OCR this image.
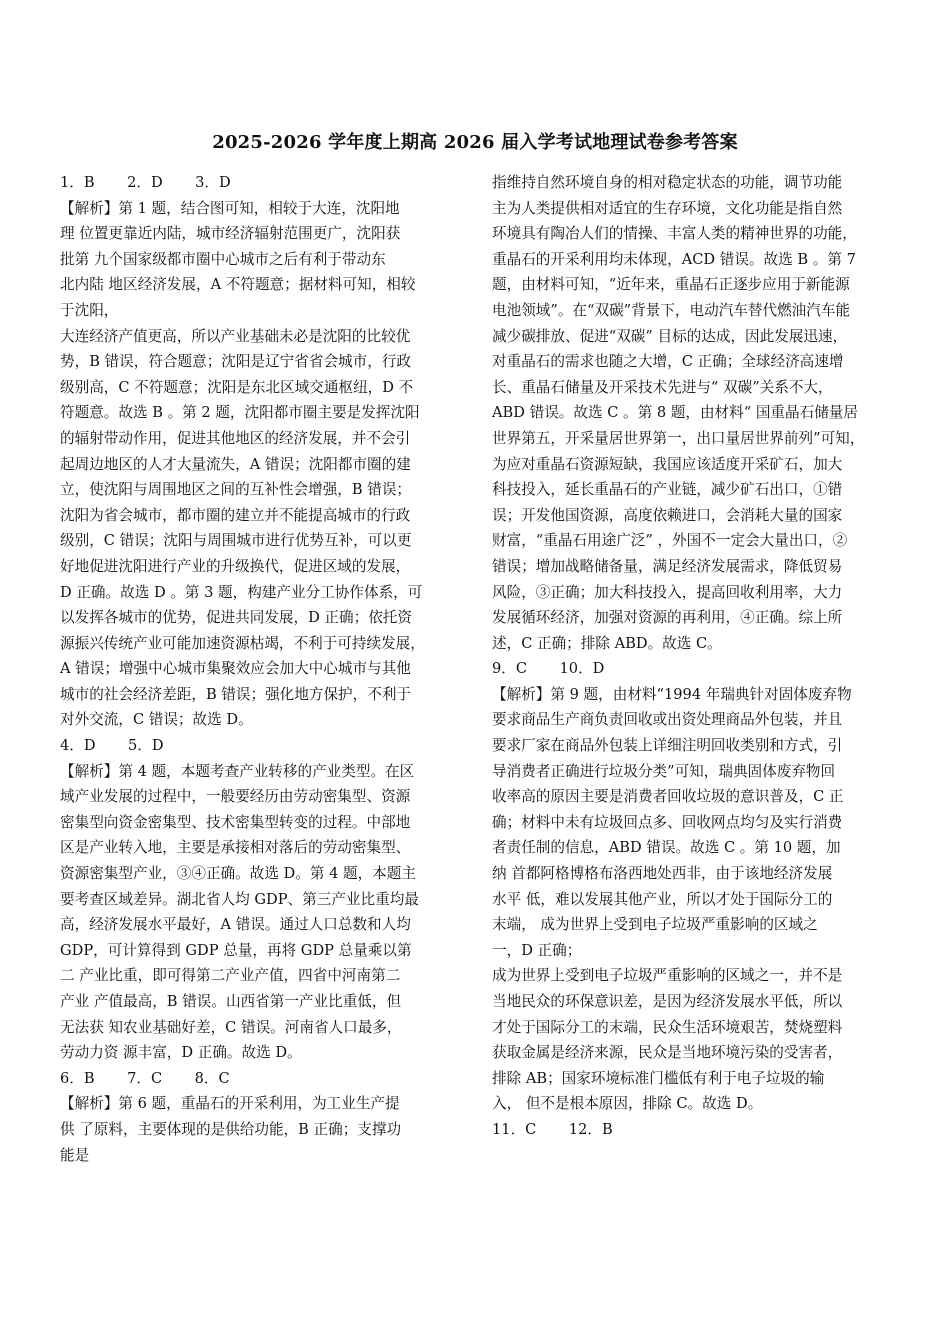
2025-2026 学年度上期高 2026 届入学考试地理试卷参考答案
1．B       2．D       3．D
【解析】第 1 题，结合图可知，相较于大连，沈阳地
理 位置更靠近内陆，城市经济辐射范围更广，沈阳获
批第 九个国家级都市圈中心城市之后有利于带动东
北内陆 地区经济发展，A 不符题意；据材料可知，相较
于沈阳，
大连经济产值更高，所以产业基础未必是沈阳的比较优
势，B 错误，符合题意；沈阳是辽宁省省会城市，行政
级别高，C 不符题意；沈阳是东北区域交通枢纽，D 不
符题意。故选 B 。第 2 题，沈阳都市圈主要是发挥沈阳
的辐射带动作用，促进其他地区的经济发展，并不会引
起周边地区的人才大量流失，A 错误；沈阳都市圈的建
立，使沈阳与周围地区之间的互补性会增强，B 错误；
沈阳为省会城市，都市圈的建立并不能提高城市的行政
级别，C 错误；沈阳与周围城市进行优势互补，可以更
好地促进沈阳进行产业的升级换代，促进区域的发展，
D 正确。故选 D 。第 3 题，构建产业分工协作体系，可
以发挥各城市的优势，促进共同发展，D 正确；依托资
源振兴传统产业可能加速资源枯竭，不利于可持续发展，
A 错误；增强中心城市集聚效应会加大中心城市与其他
城市的社会经济差距，B 错误；强化地方保护，不利于
对外交流，C 错误；故选 D。
4．D       5．D
【解析】第 4 题，本题考查产业转移的产业类型。在区
域产业发展的过程中，一般要经历由劳动密集型、资源
密集型向资金密集型、技术密集型转变的过程。中部地
区是产业转入地，主要是承接相对落后的劳动密集型、
资源密集型产业，③④正确。故选 D。第 4 题，本题主
要考查区域差异。湖北省人均 GDP、第三产业比重均最
高，经济发展水平最好，A 错误。通过人口总数和人均
GDP，可计算得到 GDP 总量，再将 GDP 总量乘以第
二 产业比重，即可得第二产业产值，四省中河南第二
产业 产值最高，B 错误。山西省第一产业比重低，但
无法获 知农业基础好差，C 错误。河南省人口最多，
劳动力资 源丰富，D 正确。故选 D。
6．B       7．C       8．C
【解析】第 6 题，重晶石的开采利用，为工业生产提
供 了原料，主要体现的是供给功能，B 正确；支撑功
能是
指维持自然环境自身的相对稳定状态的功能，调节功能
主为人类提供相对适宜的生存环境，文化功能是指自然
环境具有陶冶人们的情操、丰富人类的精神世界的功能，
重晶石的开采利用均未体现，ACD 错误。故选 B 。第 7
题，由材料可知，“近年来，重晶石正逐步应用于新能源
电池领域”。在“双碳”背景下，电动汽车替代燃油汽车能
减少碳排放、促进“双碳” 目标的达成，因此发展迅速，
对重晶石的需求也随之大增，C 正确；全球经济高速增
长、重晶石储量及开采技术先进与“ 双碳”关系不大，
ABD 错误。故选 C 。第 8 题，由材料“ 国重晶石储量居
世界第五，开采量居世界第一，出口量居世界前列”可知，
为应对重晶石资源短缺，我国应该适度开采矿石，加大
科技投入，延长重晶石的产业链，减少矿石出口，①错
误；开发他国资源，高度依赖进口，会消耗大量的国家
财富，“重晶石用途广泛” ，外国不一定会大量出口，②
错误；增加战略储备量，满足经济发展需求，降低贸易
风险，③正确；加大科技投入，提高回收利用率，大力
发展循环经济，加强对资源的再利用，④正确。综上所
述，C 正确；排除 ABD。故选 C。
9．C       10．D
【解析】第 9 题，由材料“1994 年瑞典针对固体废弃物
要求商品生产商负责回收或出资处理商品外包装，并且
要求厂家在商品外包装上详细注明回收类别和方式，引
导消费者正确进行垃圾分类”可知，瑞典固体废弃物回
收率高的原因主要是消费者回收垃圾的意识普及，C 正
确；材料中未有垃圾回点多、回收网点均匀及实行消费
者责任制的信息，ABD 错误。故选 C 。第 10 题，加
纳 首都阿格博格布洛西地处西非，由于该地经济发展
水平 低，难以发展其他产业，所以才处于国际分工的
末端， 成为世界上受到电子垃圾严重影响的区域之
一，D 正确；
成为世界上受到电子垃圾严重影响的区域之一，并不是
当地民众的环保意识差，是因为经济发展水平低，所以
才处于国际分工的末端，民众生活环境艰苦，焚烧塑料
获取金属是经济来源，民众是当地环境污染的受害者，
排除 AB；国家环境标准门槛低有利于电子垃圾的输
入， 但不是根本原因，排除 C。故选 D。
11．C       12．B
